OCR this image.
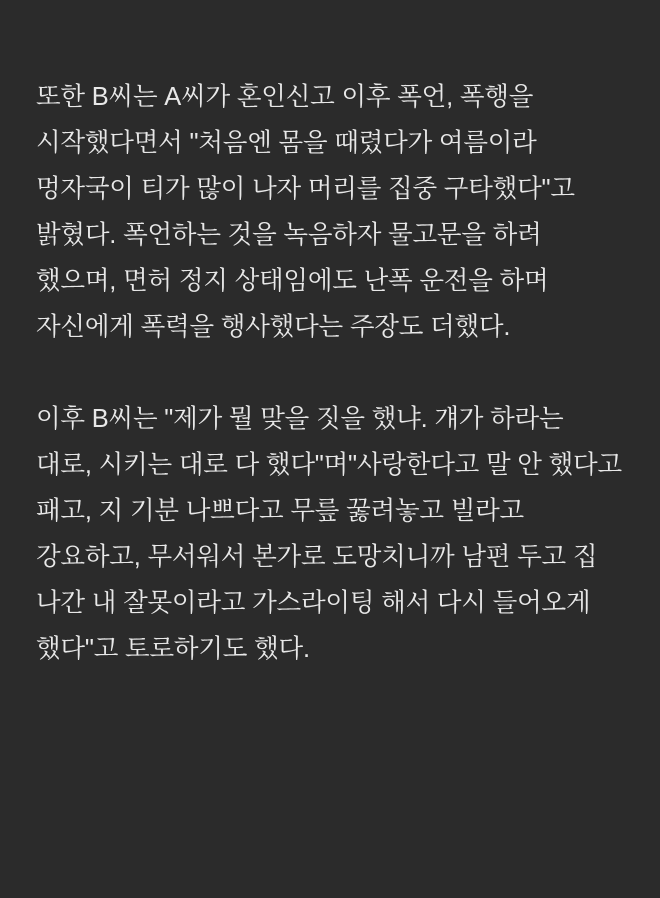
또한 B씨는 A씨가 혼인신고 이후 폭언, 폭행을 시작했다면서 "처음엔 몸을 때렸다가 여름이라 멍자국이 티가 많이 나자 머리를 집중 구타했다"고 밝혔다. 폭언하는 것을 녹음하자 물고문을 하려 했으며, 면허 정지 상태임에도 난폭 운전을 하며 자신에게 폭력을 행사했다는 주장도 더했다.

이후 B씨는 "제가 뭘 맞을 짓을 했냐. 걔가 하라는 대로, 시키는 대로 다 했다"며"사랑한다고 말 안 했다고 패고, 지 기분 나쁘다고 무릎 꿇려놓고 빌라고 강요하고, 무서워서 본가로 도망치니까 남편 두고 집 나간 내 잘못이라고 가스라이팅 해서 다시 들어오게 했다"고 토로하기도 했다.
